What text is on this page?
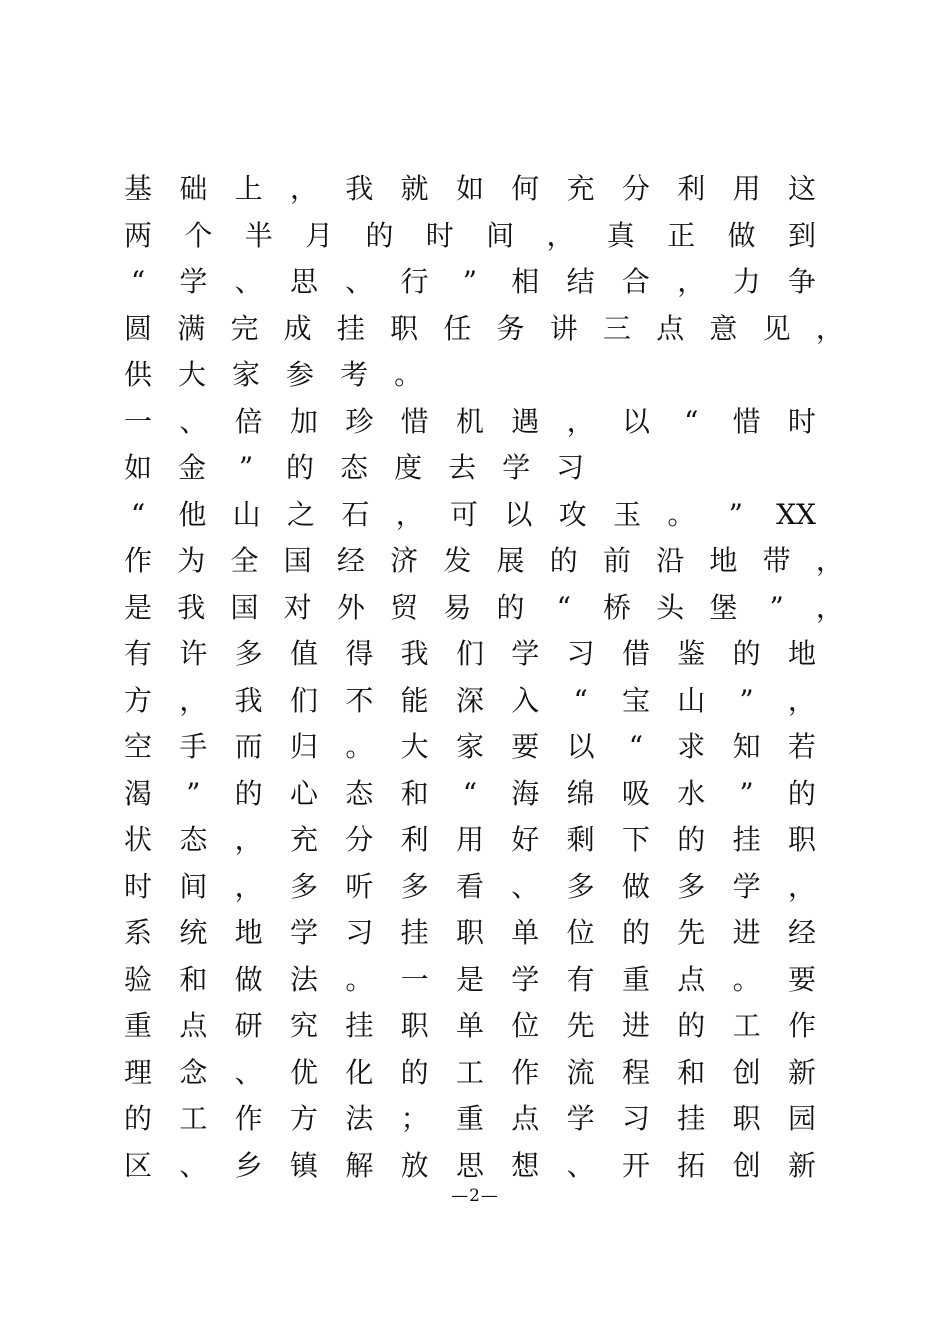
基 础 上 ， 我 就 如 何 充 分 利 用 这
两 个 半 月 的 时 间 ， 真 正 做 到
“ 学 、 思 、 行 ” 相 结 合 ， 力 争
圆 满 完 成 挂 职 任 务 讲 三 点 意 见 ，
供 大 家 参 考 。
一 、 倍 加 珍 惜 机 遇 ， 以 “ 惜 时
如 金 ” 的 态 度 去 学 习
“ 他 山 之 石 ， 可 以 攻 玉 。 ” XX
作 为 全 国 经 济 发 展 的 前 沿 地 带 ，
是 我 国 对 外 贸 易 的 “ 桥 头 堡 ” ，
有 许 多 值 得 我 们 学 习 借 鉴 的 地
方 ， 我 们 不 能 深 入 “ 宝 山 ” ，
空 手 而 归 。 大 家 要 以 “ 求 知 若
渴 ” 的 心 态 和 “ 海 绵 吸 水 ” 的
状 态 ， 充 分 利 用 好 剩 下 的 挂 职
时 间 ， 多 听 多 看 、 多 做 多 学 ，
系 统 地 学 习 挂 职 单 位 的 先 进 经
验 和 做 法 。 一 是 学 有 重 点 。 要
重 点 研 究 挂 职 单 位 先 进 的 工 作
理 念 、 优 化 的 工 作 流 程 和 创 新
的 工 作 方 法 ； 重 点 学 习 挂 职 园
区 、 乡 镇 解 放 思 想 、 开 拓 创 新
—2—
